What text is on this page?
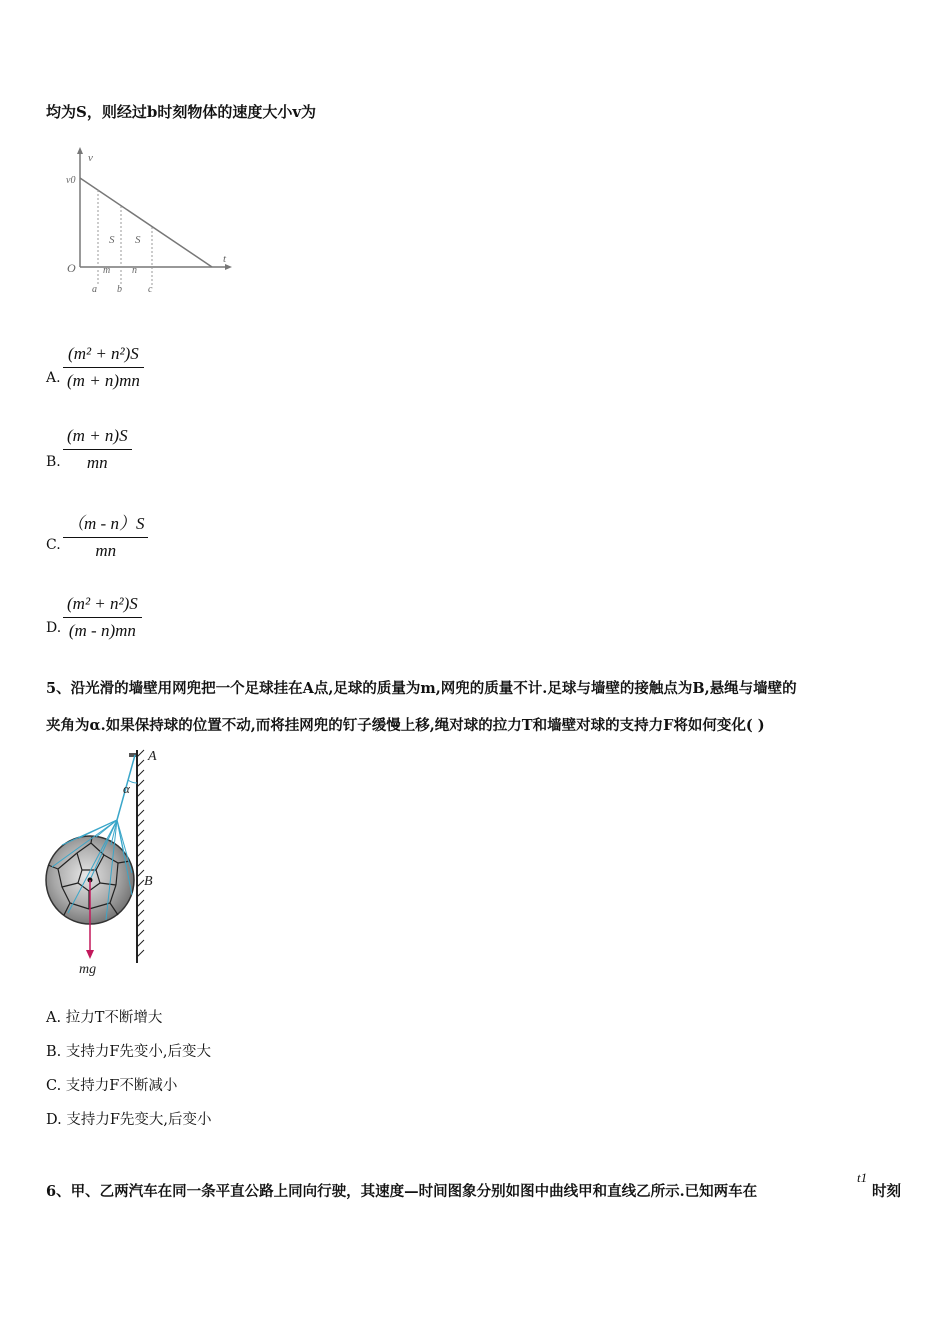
均为S，则经过b时刻物体的速度大小v为
v
v0
O
t
S S
m n
a b	c
A.
(m² + n²)S
(m + n)mn
B.
(m + n)S
mn
C.
（m - n）S
mn
D.
(m² + n²)S
(m - n)mn
5、沿光滑的墙壁用网兜把一个足球挂在A点,足球的质量为m,网兜的质量不计.足球与墙壁的接触点为B,悬绳与墙壁的
夹角为α.如果保持球的位置不动,而将挂网兜的钉子缓慢上移,绳对球的拉力T和墙壁对球的支持力F将如何变化( )
A
α
B
mg
A. 拉力T不断增大
B. 支持力F先变小,后变大
C. 支持力F不断减小
D. 支持力F先变大,后变小
6、甲、乙两汽车在同一条平直公路上同向行驶，其速度—时间图象分别如图中曲线甲和直线乙所示.已知两车在
t1
时刻
